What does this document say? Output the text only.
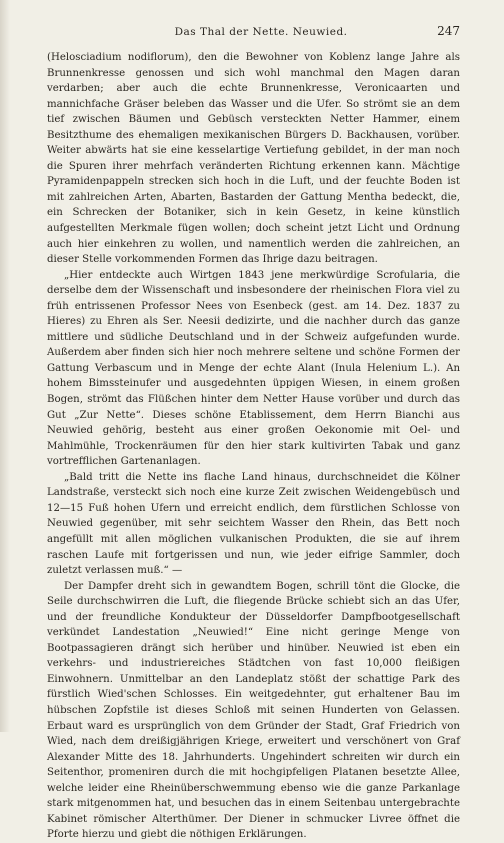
Das Thal der Nette. Neuwied.	247

(Helosciadium nodiflorum), den die Bewohner von Koblenz lange Jahre als Brunnenkresse genossen und sich wohl manchmal den Magen daran verdarben; aber auch die echte Brunnenkresse, Veronicaarten und mannichfache Gräser beleben das Wasser und die Ufer. So strömt sie an dem tief zwischen Bäumen und Gebüsch versteckten Netter Hammer, einem Besitzthume des ehemaligen mexikanischen Bürgers D. Backhausen, vorüber. Weiter abwärts hat sie eine kesselartige Vertiefung gebildet, in der man noch die Spuren ihrer mehrfach veränderten Richtung erkennen kann. Mächtige Pyramidenpappeln strecken sich hoch in die Luft, und der feuchte Boden ist mit zahlreichen Arten, Abarten, Bastarden der Gattung Mentha bedeckt, die, ein Schrecken der Botaniker, sich in kein Gesetz, in keine künstlich aufgestellten Merkmale fügen wollen; doch scheint jetzt Licht und Ordnung auch hier einkehren zu wollen, und namentlich werden die zahlreichen, an dieser Stelle vorkommenden Formen das Ihrige dazu beitragen.

„Hier entdeckte auch Wirtgen 1843 jene merkwürdige Scrofularia, die derselbe dem der Wissenschaft und insbesondere der rheinischen Flora viel zu früh entrissenen Professor Nees von Esenbeck (gest. am 14. Dez. 1837 zu Hieres) zu Ehren als Ser. Neesii dedizirte, und die nachher durch das ganze mittlere und südliche Deutschland und in der Schweiz aufgefunden wurde. Außerdem aber finden sich hier noch mehrere seltene und schöne Formen der Gattung Verbascum und in Menge der echte Alant (Inula Helenium L.). An hohem Bimssteinufer und ausgedehnten üppigen Wiesen, in einem großen Bogen, strömt das Flüßchen hinter dem Netter Hause vorüber und durch das Gut „Zur Nette“. Dieses schöne Etablissement, dem Herrn Bianchi aus Neuwied gehörig, besteht aus einer großen Oekonomie mit Oel- und Mahlmühle, Trockenräumen für den hier stark kultivirten Tabak und ganz vortrefflichen Gartenanlagen.

„Bald tritt die Nette ins flache Land hinaus, durchschneidet die Kölner Landstraße, versteckt sich noch eine kurze Zeit zwischen Weidengebüsch und 12—15 Fuß hohen Ufern und erreicht endlich, dem fürstlichen Schlosse von Neuwied gegenüber, mit sehr seichtem Wasser den Rhein, das Bett noch angefüllt mit allen möglichen vulkanischen Produkten, die sie auf ihrem raschen Laufe mit fortgerissen und nun, wie jeder eifrige Sammler, doch zuletzt verlassen muß.“ —

Der Dampfer dreht sich in gewandtem Bogen, schrill tönt die Glocke, die Seile durchschwirren die Luft, die fliegende Brücke schiebt sich an das Ufer, und der freundliche Kondukteur der Düsseldorfer Dampfbootgesellschaft verkündet Landestation „Neuwied!“ Eine nicht geringe Menge von Bootpassagieren drängt sich herüber und hinüber. Neuwied ist eben ein verkehrs- und industriereiches Städtchen von fast 10,000 fleißigen Einwohnern. Unmittelbar an den Landeplatz stößt der schattige Park des fürstlich Wied'schen Schlosses. Ein weitgedehnter, gut erhaltener Bau im hübschen Zopfstile ist dieses Schloß mit seinen Hunderten von Gelassen. Erbaut ward es ursprünglich von dem Gründer der Stadt, Graf Friedrich von Wied, nach dem dreißigjährigen Kriege, erweitert und verschönert von Graf Alexander Mitte des 18. Jahrhunderts. Ungehindert schreiten wir durch ein Seitenthor, promeniren durch die mit hochgipfeligen Platanen besetzte Allee, welche leider eine Rheinüberschwemmung ebenso wie die ganze Parkanlage stark mitgenommen hat, und besuchen das in einem Seitenbau untergebrachte Kabinet römischer Alterthümer. Der Diener in schmucker Livree öffnet die Pforte hierzu und giebt die nöthigen Erklärungen.
